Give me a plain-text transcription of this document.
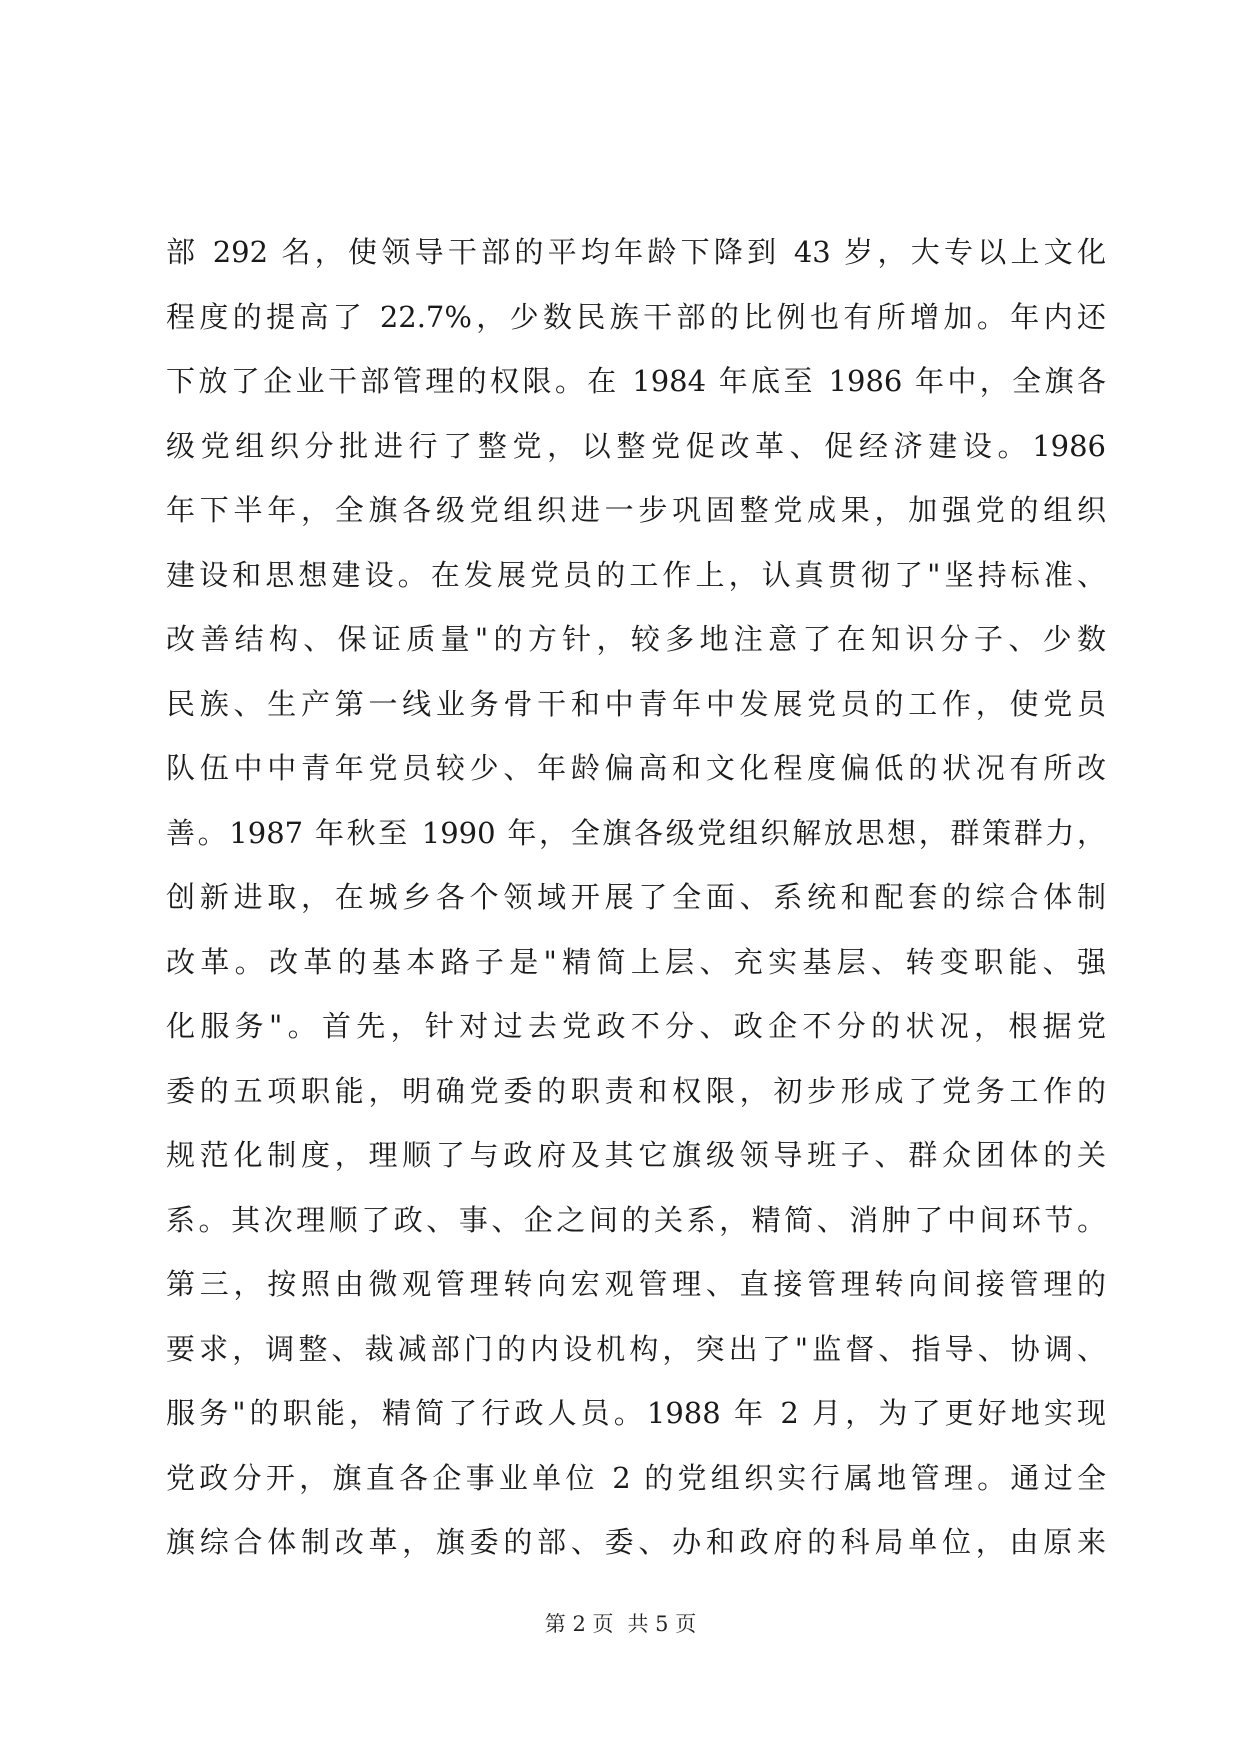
部 292 名，使领导干部的平均年龄下降到 43 岁，大专以上文化
程度的提高了 22.7%，少数民族干部的比例也有所增加。年内还
下放了企业干部管理的权限。在 1984 年底至 1986 年中，全旗各
级党组织分批进行了整党，以整党促改革、促经济建设。1986
年下半年，全旗各级党组织进一步巩固整党成果，加强党的组织
建设和思想建设。在发展党员的工作上，认真贯彻了"坚持标准、
改善结构、保证质量"的方针，较多地注意了在知识分子、少数
民族、生产第一线业务骨干和中青年中发展党员的工作，使党员
队伍中中青年党员较少、年龄偏高和文化程度偏低的状况有所改
善。1987 年秋至 1990 年，全旗各级党组织解放思想，群策群力，
创新进取，在城乡各个领域开展了全面、系统和配套的综合体制
改革。改革的基本路子是"精简上层、充实基层、转变职能、强
化服务"。首先，针对过去党政不分、政企不分的状况，根据党
委的五项职能，明确党委的职责和权限，初步形成了党务工作的
规范化制度，理顺了与政府及其它旗级领导班子、群众团体的关
系。其次理顺了政、事、企之间的关系，精简、消肿了中间环节。
第三，按照由微观管理转向宏观管理、直接管理转向间接管理的
要求，调整、裁减部门的内设机构，突出了"监督、指导、协调、
服务"的职能，精简了行政人员。1988 年 2 月，为了更好地实现
党政分开，旗直各企事业单位 2 的党组织实行属地管理。通过全
旗综合体制改革，旗委的部、委、办和政府的科局单位，由原来
第 2 页 共 5 页
